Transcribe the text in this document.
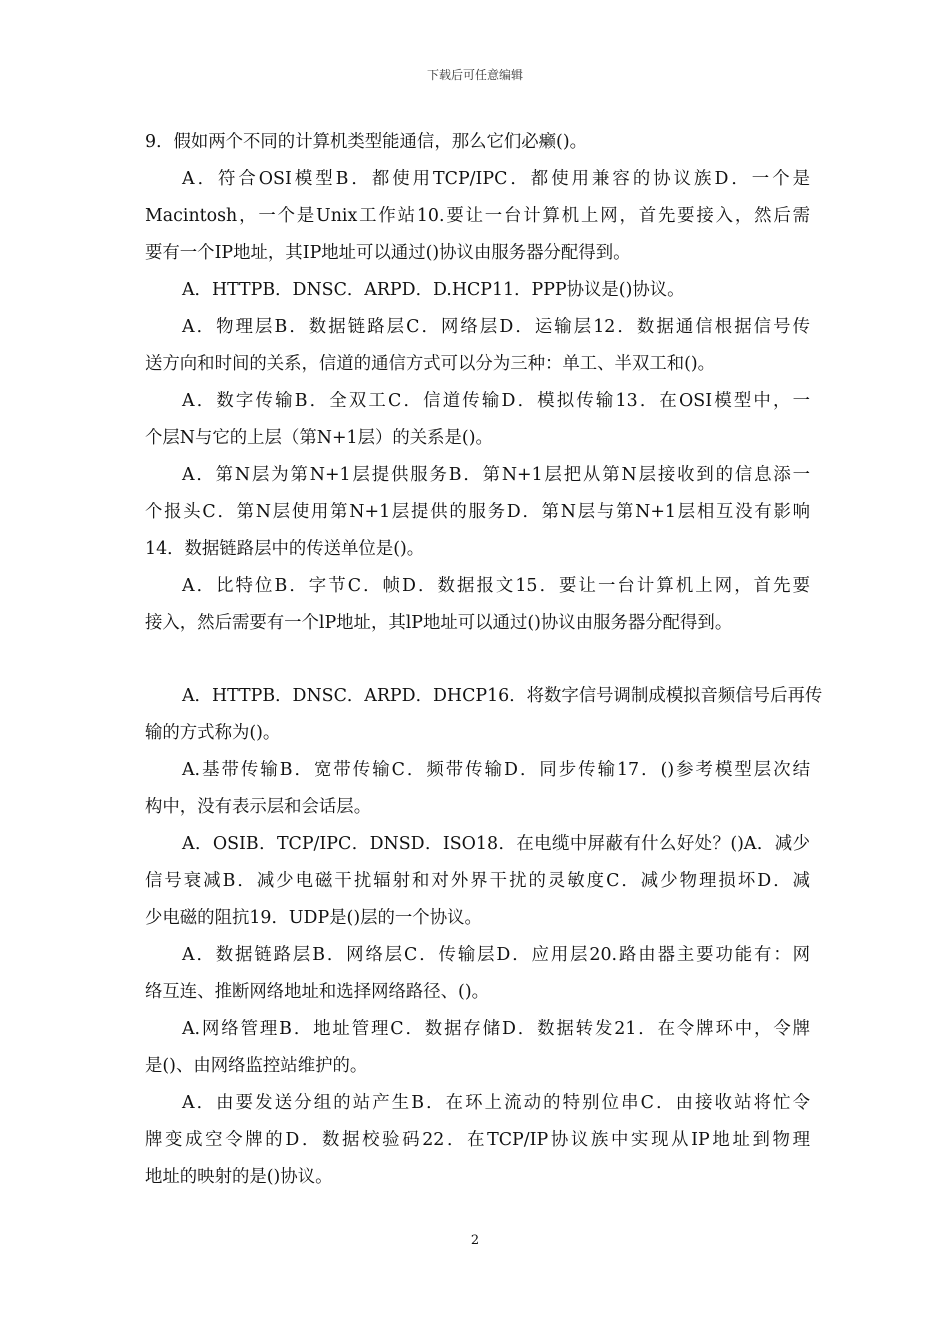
下载后可任意编辑
9．假如两个不同的计算机类型能通信，那么它们必癞()。
A．符合OSI模型B．都使用TCP/IPC．都使用兼容的协议族D．一个是
Macintosh，一个是Unix工作站10.要让一台计算机上网，首先要接入，然后需
要有一个IP地址，其IP地址可以通过()协议由服务器分配得到。
A．HTTPB．DNSC．ARPD．D.HCP11．PPP协议是()协议。
A．物理层B．数据链路层C．网络层D．运输层12．数据通信根据信号传
送方向和时间的关系，信道的通信方式可以分为三种：单工、半双工和()。
A．数字传输B．全双工C．信道传输D．模拟传输13．在OSI模型中，一
个层N与它的上层（第N+1层）的关系是()。
A．第N层为第N+1层提供服务B．第N+1层把从第N层接收到的信息添一
个报头C．第N层使用第N+1层提供的服务D．第N层与第N+1层相互没有影响
14．数据链路层中的传送单位是()。
A．比特位B．字节C．帧D．数据报文15．要让一台计算机上网，首先要
接入，然后需要有一个lP地址，其lP地址可以通过()协议由服务器分配得到。
A．HTTPB．DNSC．ARPD．DHCP16．将数字信号调制成模拟音频信号后再传
输的方式称为()。
A.基带传输B．宽带传输C．频带传输D．同步传输17．()参考模型层次结
构中，没有表示层和会话层。
A．OSIB．TCP/IPC．DNSD．ISO18．在电缆中屏蔽有什么好处？()A．减少
信号衰减B．减少电磁干扰辐射和对外界干扰的灵敏度C．减少物理损坏D．减
少电磁的阻抗19．UDP是()层的一个协议。
A．数据链路层B．网络层C．传输层D．应用层20.路由器主要功能有：网
络互连、推断网络地址和选择网络路径、()。
A.网络管理B．地址管理C．数据存储D．数据转发21．在令牌环中，令牌
是()、由网络监控站维护的。
A．由要发送分组的站产生B．在环上流动的特别位串C．由接收站将忙令
牌变成空令牌的D．数据校验码22．在TCP/IP协议族中实现从IP地址到物理
地址的映射的是()协议。
2
